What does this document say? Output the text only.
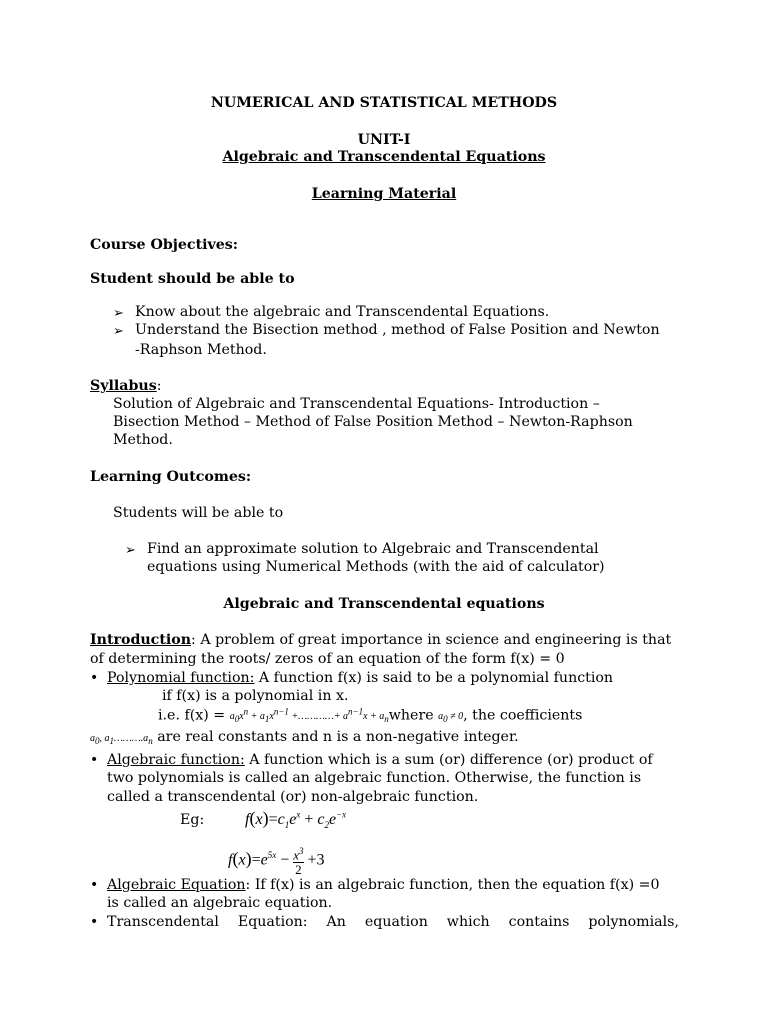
NUMERICAL AND STATISTICAL METHODS
UNIT-I
Algebraic and Transcendental Equations
Learning Material
Course Objectives:
Student should be able to
➢ Know about the algebraic and Transcendental Equations.
➢ Understand the Bisection method , method of False Position and Newton
-Raphson Method.
Syllabus:
Solution of Algebraic and Transcendental Equations- Introduction –
Bisection Method – Method of False Position Method – Newton-Raphson
Method.
Learning Outcomes:
Students will be able to
➢ Find an approximate solution to Algebraic and Transcendental
equations using Numerical Methods (with the aid of calculator)
Algebraic and Transcendental equations
Introduction: A problem of great importance in science and engineering is that
of determining the roots/ zeros of an equation of the form f(x) = 0
• Polynomial function: A function f(x) is said to be a polynomial function
if f(x) is a polynomial in x.
i.e. $f(x) = a_0x^n + a_1x^{n-1}$ +…………+ $a^{n-1}x$ + $a_nwhere$ $a_0 \ne 0$, the coefficients
$a_0$, $a_1\dots\dots\dots.a_n$ are real constants and n is a non-negative integer.
• Algebraic function: A function which is a sum (or) difference (or) product of
two polynomials is called an algebraic function. Otherwise, the function is
called a transcendental (or) non-algebraic function.
Eg:	$f(x)=c_1e^x + c_2e^{-x}$
$f(x)=e^{5x} - \frac{x^3}{2} +3$
• Algebraic Equation: If f(x) is an algebraic function, then the equation f(x) =0
is called an algebraic equation.
• Transcendental Equation: An equation which contains polynomials,
